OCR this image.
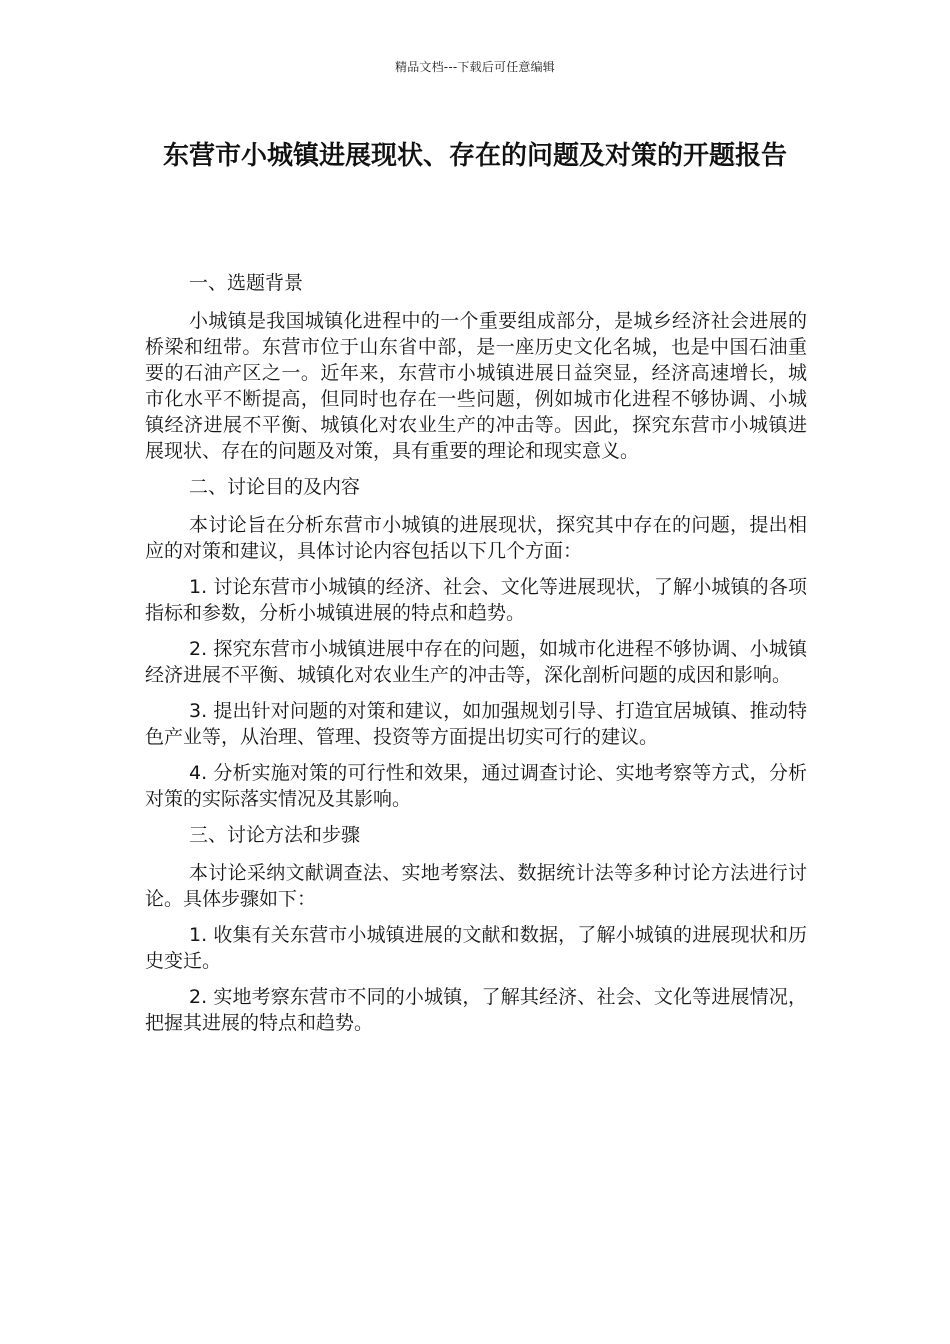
精品文档---下载后可任意编辑
东营市小城镇进展现状、存在的问题及对策的开题报告

一、选题背景

小城镇是我国城镇化进程中的一个重要组成部分，是城乡经济社会进展的桥梁和纽带。东营市位于山东省中部，是一座历史文化名城，也是中国石油重要的石油产区之一。近年来，东营市小城镇进展日益突显，经济高速增长，城市化水平不断提高，但同时也存在一些问题，例如城市化进程不够协调、小城镇经济进展不平衡、城镇化对农业生产的冲击等。因此，探究东营市小城镇进展现状、存在的问题及对策，具有重要的理论和现实意义。

二、讨论目的及内容

本讨论旨在分析东营市小城镇的进展现状，探究其中存在的问题，提出相应的对策和建议，具体讨论内容包括以下几个方面：

1. 讨论东营市小城镇的经济、社会、文化等进展现状，了解小城镇的各项指标和参数，分析小城镇进展的特点和趋势。

2. 探究东营市小城镇进展中存在的问题，如城市化进程不够协调、小城镇经济进展不平衡、城镇化对农业生产的冲击等，深化剖析问题的成因和影响。

3. 提出针对问题的对策和建议，如加强规划引导、打造宜居城镇、推动特色产业等，从治理、管理、投资等方面提出切实可行的建议。

4. 分析实施对策的可行性和效果，通过调查讨论、实地考察等方式，分析对策的实际落实情况及其影响。

三、讨论方法和步骤

本讨论采纳文献调查法、实地考察法、数据统计法等多种讨论方法进行讨论。具体步骤如下：

1. 收集有关东营市小城镇进展的文献和数据，了解小城镇的进展现状和历史变迁。

2. 实地考察东营市不同的小城镇，了解其经济、社会、文化等进展情况，把握其进展的特点和趋势。
